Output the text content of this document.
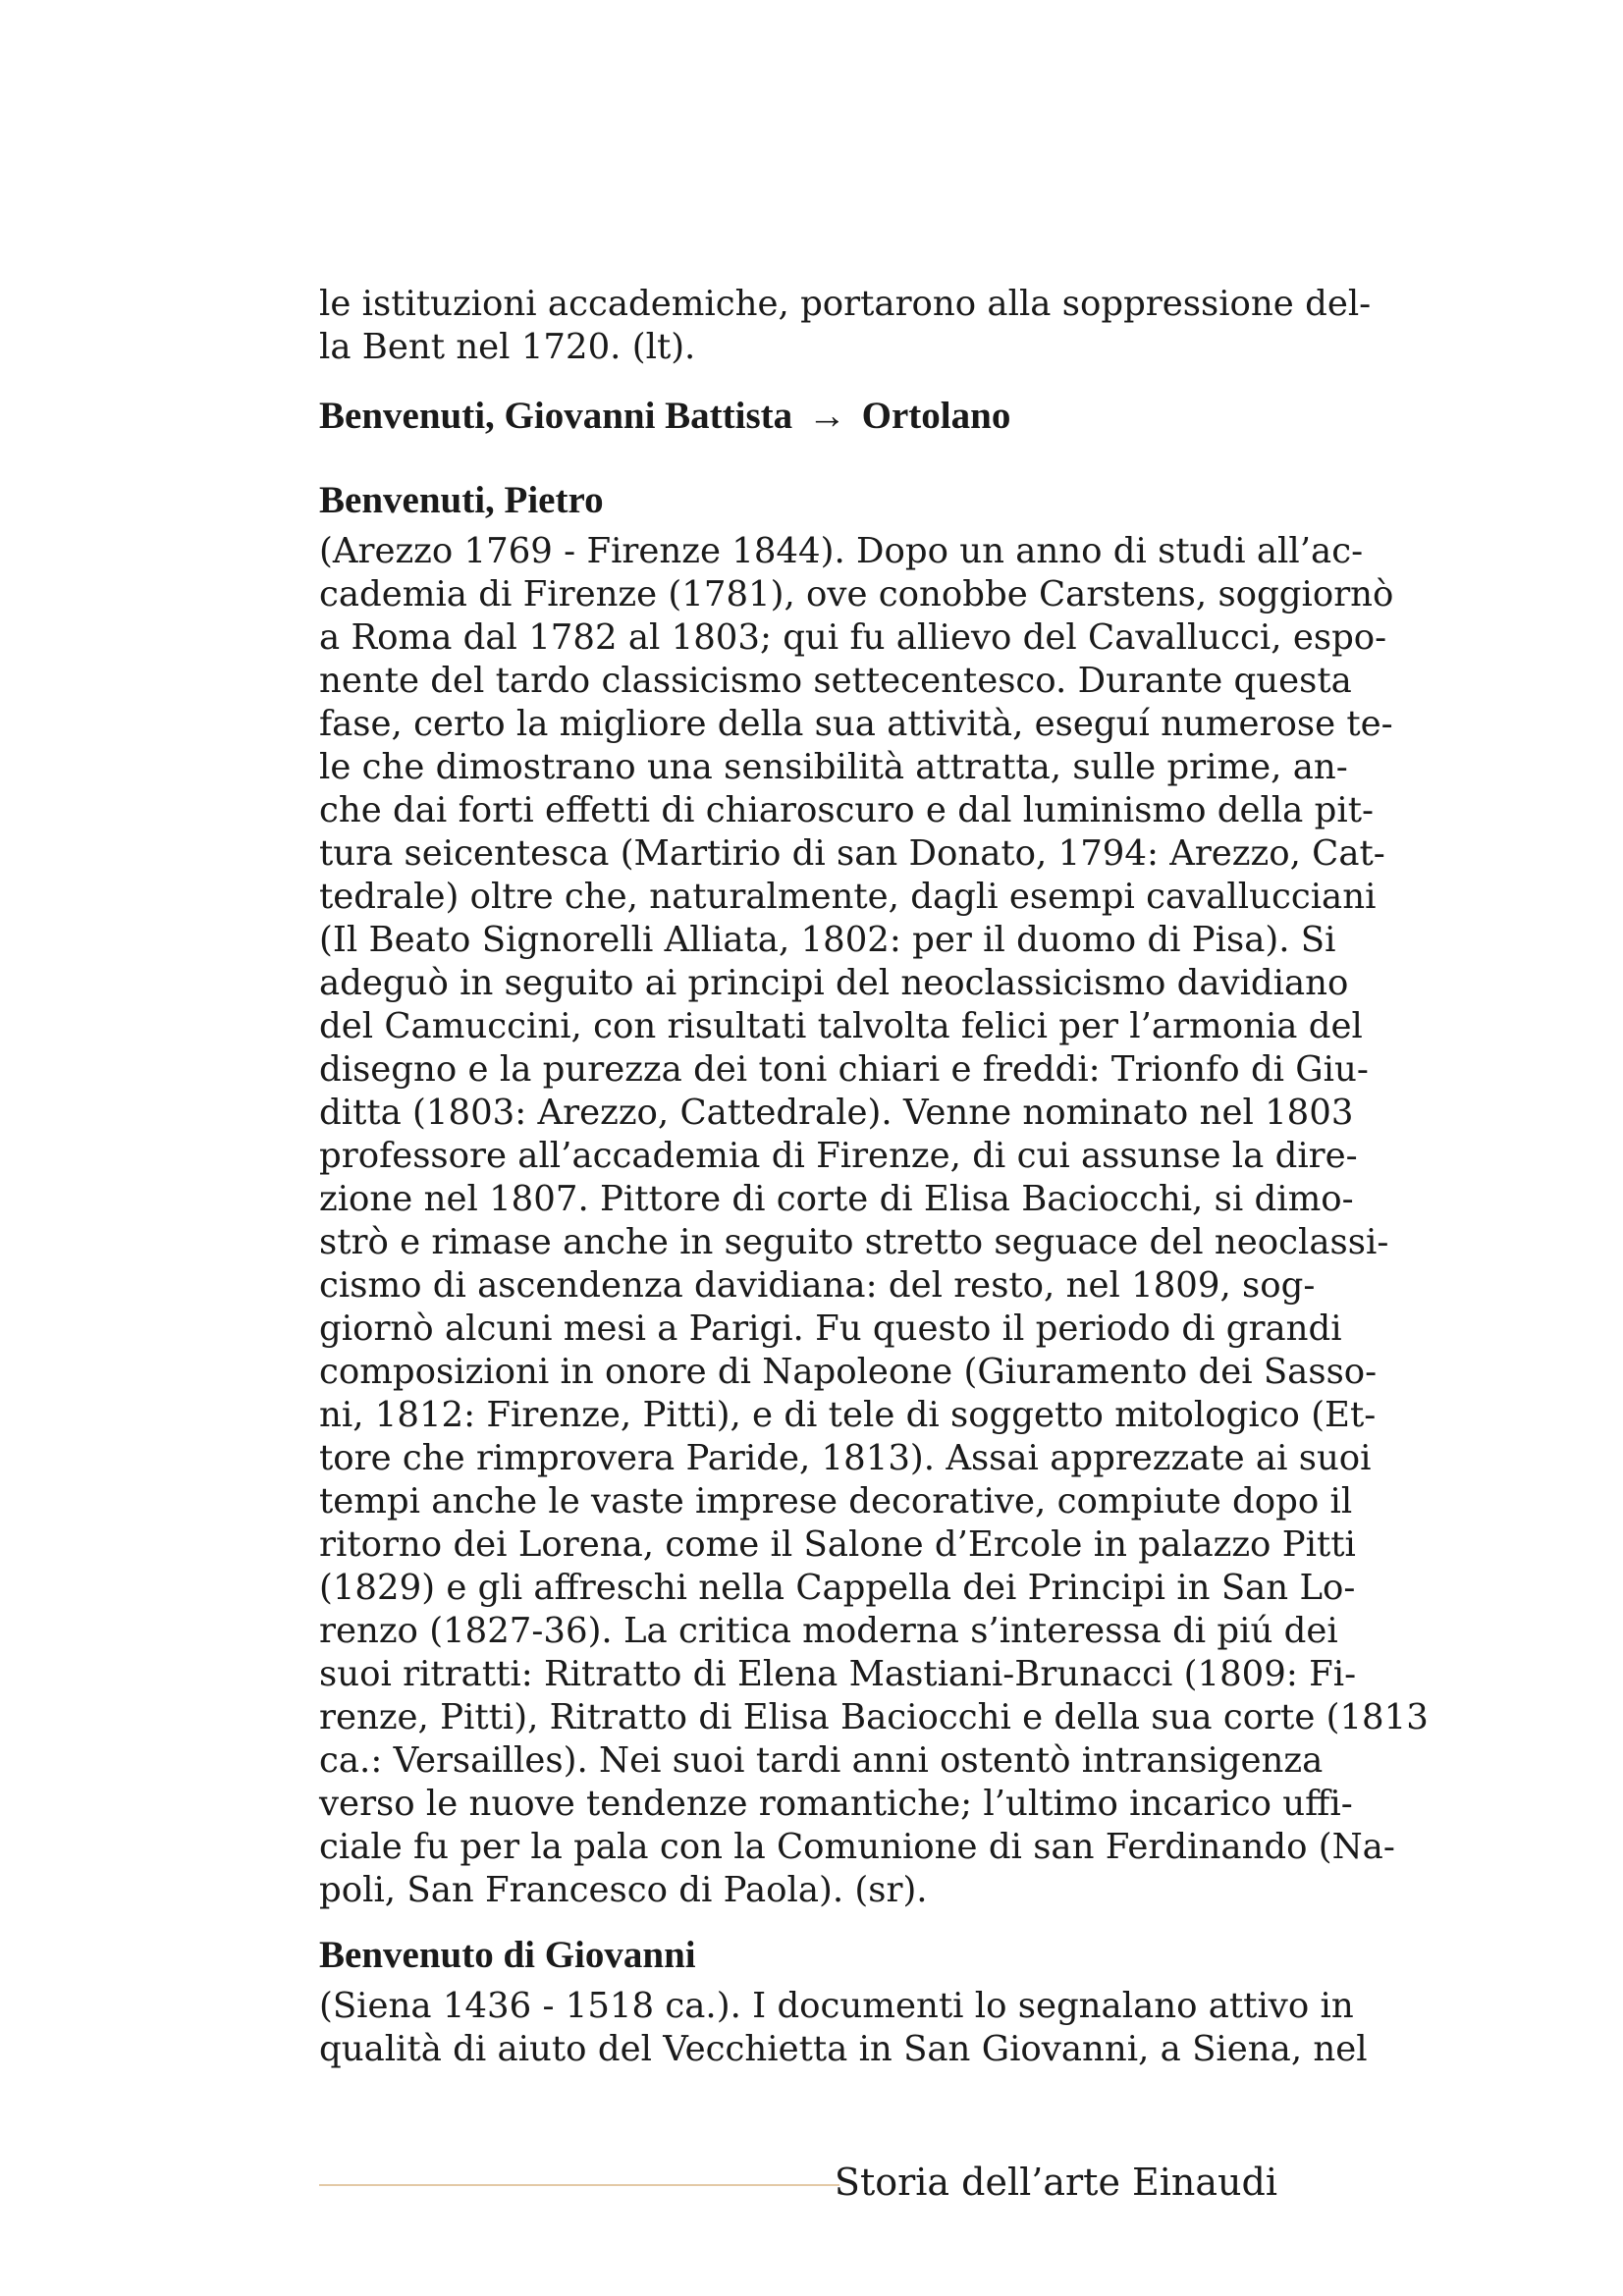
le istituzioni accademiche, portarono alla soppressione del-
la Bent nel 1720. (lt).
Benvenuti, Giovanni Battista → Ortolano
Benvenuti, Pietro
(Arezzo 1769 - Firenze 1844). Dopo un anno di studi all’ac-
cademia di Firenze (1781), ove conobbe Carstens, soggiornò
a Roma dal 1782 al 1803; qui fu allievo del Cavallucci, espo-
nente del tardo classicismo settecentesco. Durante questa
fase, certo la migliore della sua attività, eseguí numerose te-
le che dimostrano una sensibilità attratta, sulle prime, an-
che dai forti effetti di chiaroscuro e dal luminismo della pit-
tura seicentesca (Martirio di san Donato, 1794: Arezzo, Cat-
tedrale) oltre che, naturalmente, dagli esempi cavallucciani
(Il Beato Signorelli Alliata, 1802: per il duomo di Pisa). Si
adeguò in seguito ai principi del neoclassicismo davidiano
del Camuccini, con risultati talvolta felici per l’armonia del
disegno e la purezza dei toni chiari e freddi: Trionfo di Giu-
ditta (1803: Arezzo, Cattedrale). Venne nominato nel 1803
professore all’accademia di Firenze, di cui assunse la dire-
zione nel 1807. Pittore di corte di Elisa Baciocchi, si dimo-
strò e rimase anche in seguito stretto seguace del neoclassi-
cismo di ascendenza davidiana: del resto, nel 1809, sog-
giornò alcuni mesi a Parigi. Fu questo il periodo di grandi
composizioni in onore di Napoleone (Giuramento dei Sasso-
ni, 1812: Firenze, Pitti), e di tele di soggetto mitologico (Et-
tore che rimprovera Paride, 1813). Assai apprezzate ai suoi
tempi anche le vaste imprese decorative, compiute dopo il
ritorno dei Lorena, come il Salone d’Ercole in palazzo Pitti
(1829) e gli affreschi nella Cappella dei Principi in San Lo-
renzo (1827-36). La critica moderna s’interessa di piú dei
suoi ritratti: Ritratto di Elena Mastiani-Brunacci (1809: Fi-
renze, Pitti), Ritratto di Elisa Baciocchi e della sua corte (1813
ca.: Versailles). Nei suoi tardi anni ostentò intransigenza
verso le nuove tendenze romantiche; l’ultimo incarico uffi-
ciale fu per la pala con la Comunione di san Ferdinando (Na-
poli, San Francesco di Paola). (sr).
Benvenuto di Giovanni
(Siena 1436 - 1518 ca.). I documenti lo segnalano attivo in
qualità di aiuto del Vecchietta in San Giovanni, a Siena, nel
Storia dell’arte Einaudi
